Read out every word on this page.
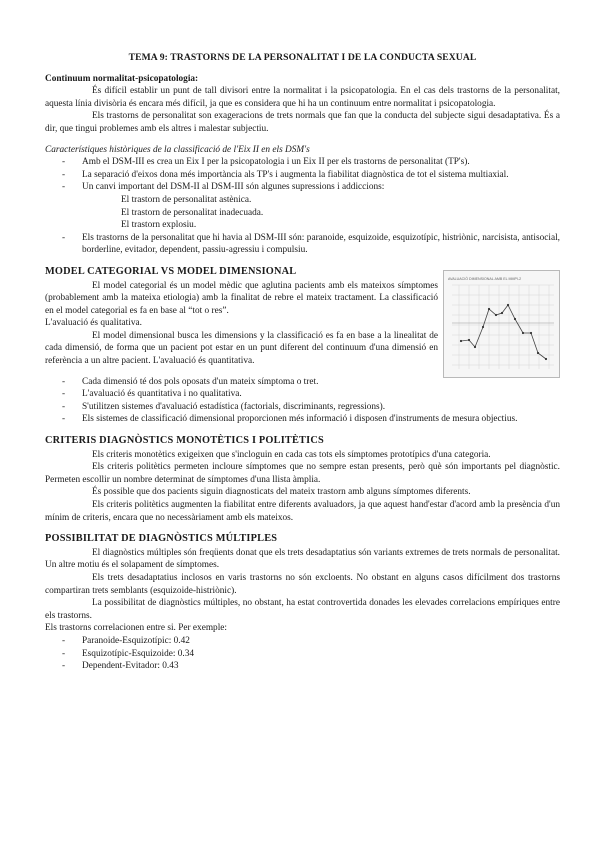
TEMA 9: TRASTORNS DE LA PERSONALITAT I DE LA CONDUCTA SEXUAL

Continuum normalitat-psicopatologia:

És difícil establir un punt de tall divisori entre la normalitat i la psicopatologia. En el cas dels trastorns de la personalitat, aquesta línia divisòria és encara més difícil, ja que es considera que hi ha un continuum entre normalitat i psicopatologia.

Els trastorns de personalitat son exageracions de trets normals que fan que la conducta del subjecte sigui desadaptativa. És a dir, que tingui problemes amb els altres i malestar subjectiu.

Característiques històriques de la classificació de l'Eix II en els DSM's

- Amb el DSM-III es crea un Eix I per la psicopatologia i un Eix II per els trastorns de personalitat (TP's).
- La separació d'eixos dona més importància als TP's i augmenta la fiabilitat diagnòstica de tot el sistema multiaxial.
- Un canvi important del DSM-II al DSM-III són algunes supressions i addiccions:
El trastorn de personalitat astènica.
El trastorn de personalitat inadecuada.
El trastorn explosiu.
- Els trastorns de la personalitat que hi havia al DSM-III són: paranoide, esquizoide, esquizotípic, histriònic, narcisista, antisocial, borderline, evitador, dependent, passiu-agressiu i compulsiu.

MODEL CATEGORIAL VS MODEL DIMENSIONAL

El model categorial és un model mèdic que aglutina pacients amb els mateixos símptomes (probablement amb la mateixa etiologia) amb la finalitat de rebre el mateix tractament. La classificació en el model categorial es fa en base al “tot o res”.

L'avaluació és qualitativa.

El model dimensional busca les dimensions y la classificació es fa en base a la linealitat de cada dimensió, de forma que un pacient pot estar en un punt diferent del continuum d'una dimensió en referència a un altre pacient. L'avaluació és quantitativa.

AVALUACIÓ DIMENSIONAL AMB EL MMPI-2
- Cada dimensió té dos pols oposats d'un mateix símptoma o tret.
- L'avaluació és quantitativa i no qualitativa.
- S'utilitzen sistemes d'avaluació estadística (factorials, discriminants, regressions).
- Els sistemes de classificació dimensional proporcionen més informació i disposen d'instruments de mesura objectius.

CRITERIS DIAGNÒSTICS MONOTÈTICS I POLITÈTICS

Els criteris monotètics exigeixen que s'incloguin en cada cas tots els símptomes prototípics d'una categoria.

Els criteris politètics permeten incloure símptomes que no sempre estan presents, però què són importants pel diagnòstic. Permeten escollir un nombre determinat de símptomes d'una llista àmplia.

És possible que dos pacients siguin diagnosticats del mateix trastorn amb alguns símptomes diferents.

Els criteris politètics augmenten la fiabilitat entre diferents avaluadors, ja que aquest hand'estar d'acord amb la presència d'un mínim de criteris, encara que no necessàriament amb els mateixos.

POSSIBILITAT DE DIAGNÒSTICS MÚLTIPLES

El diagnòstics múltiples són freqüents donat que els trets desadaptatius són variants extremes de trets normals de personalitat. Un altre motiu és el solapament de símptomes.

Els trets desadaptatius inclosos en varis trastorns no són excloents. No obstant en alguns casos difícilment dos trastorns compartiran trets semblants (esquizoide-histriònic).

La possibilitat de diagnòstics múltiples, no obstant, ha estat controvertida donades les elevades correlacions empíriques entre els trastorns.

Els trastorns correlacionen entre si. Per exemple:

- Paranoide-Esquizotípic: 0.42
- Esquizotípic-Esquizoide: 0.34
- Dependent-Evitador: 0.43
